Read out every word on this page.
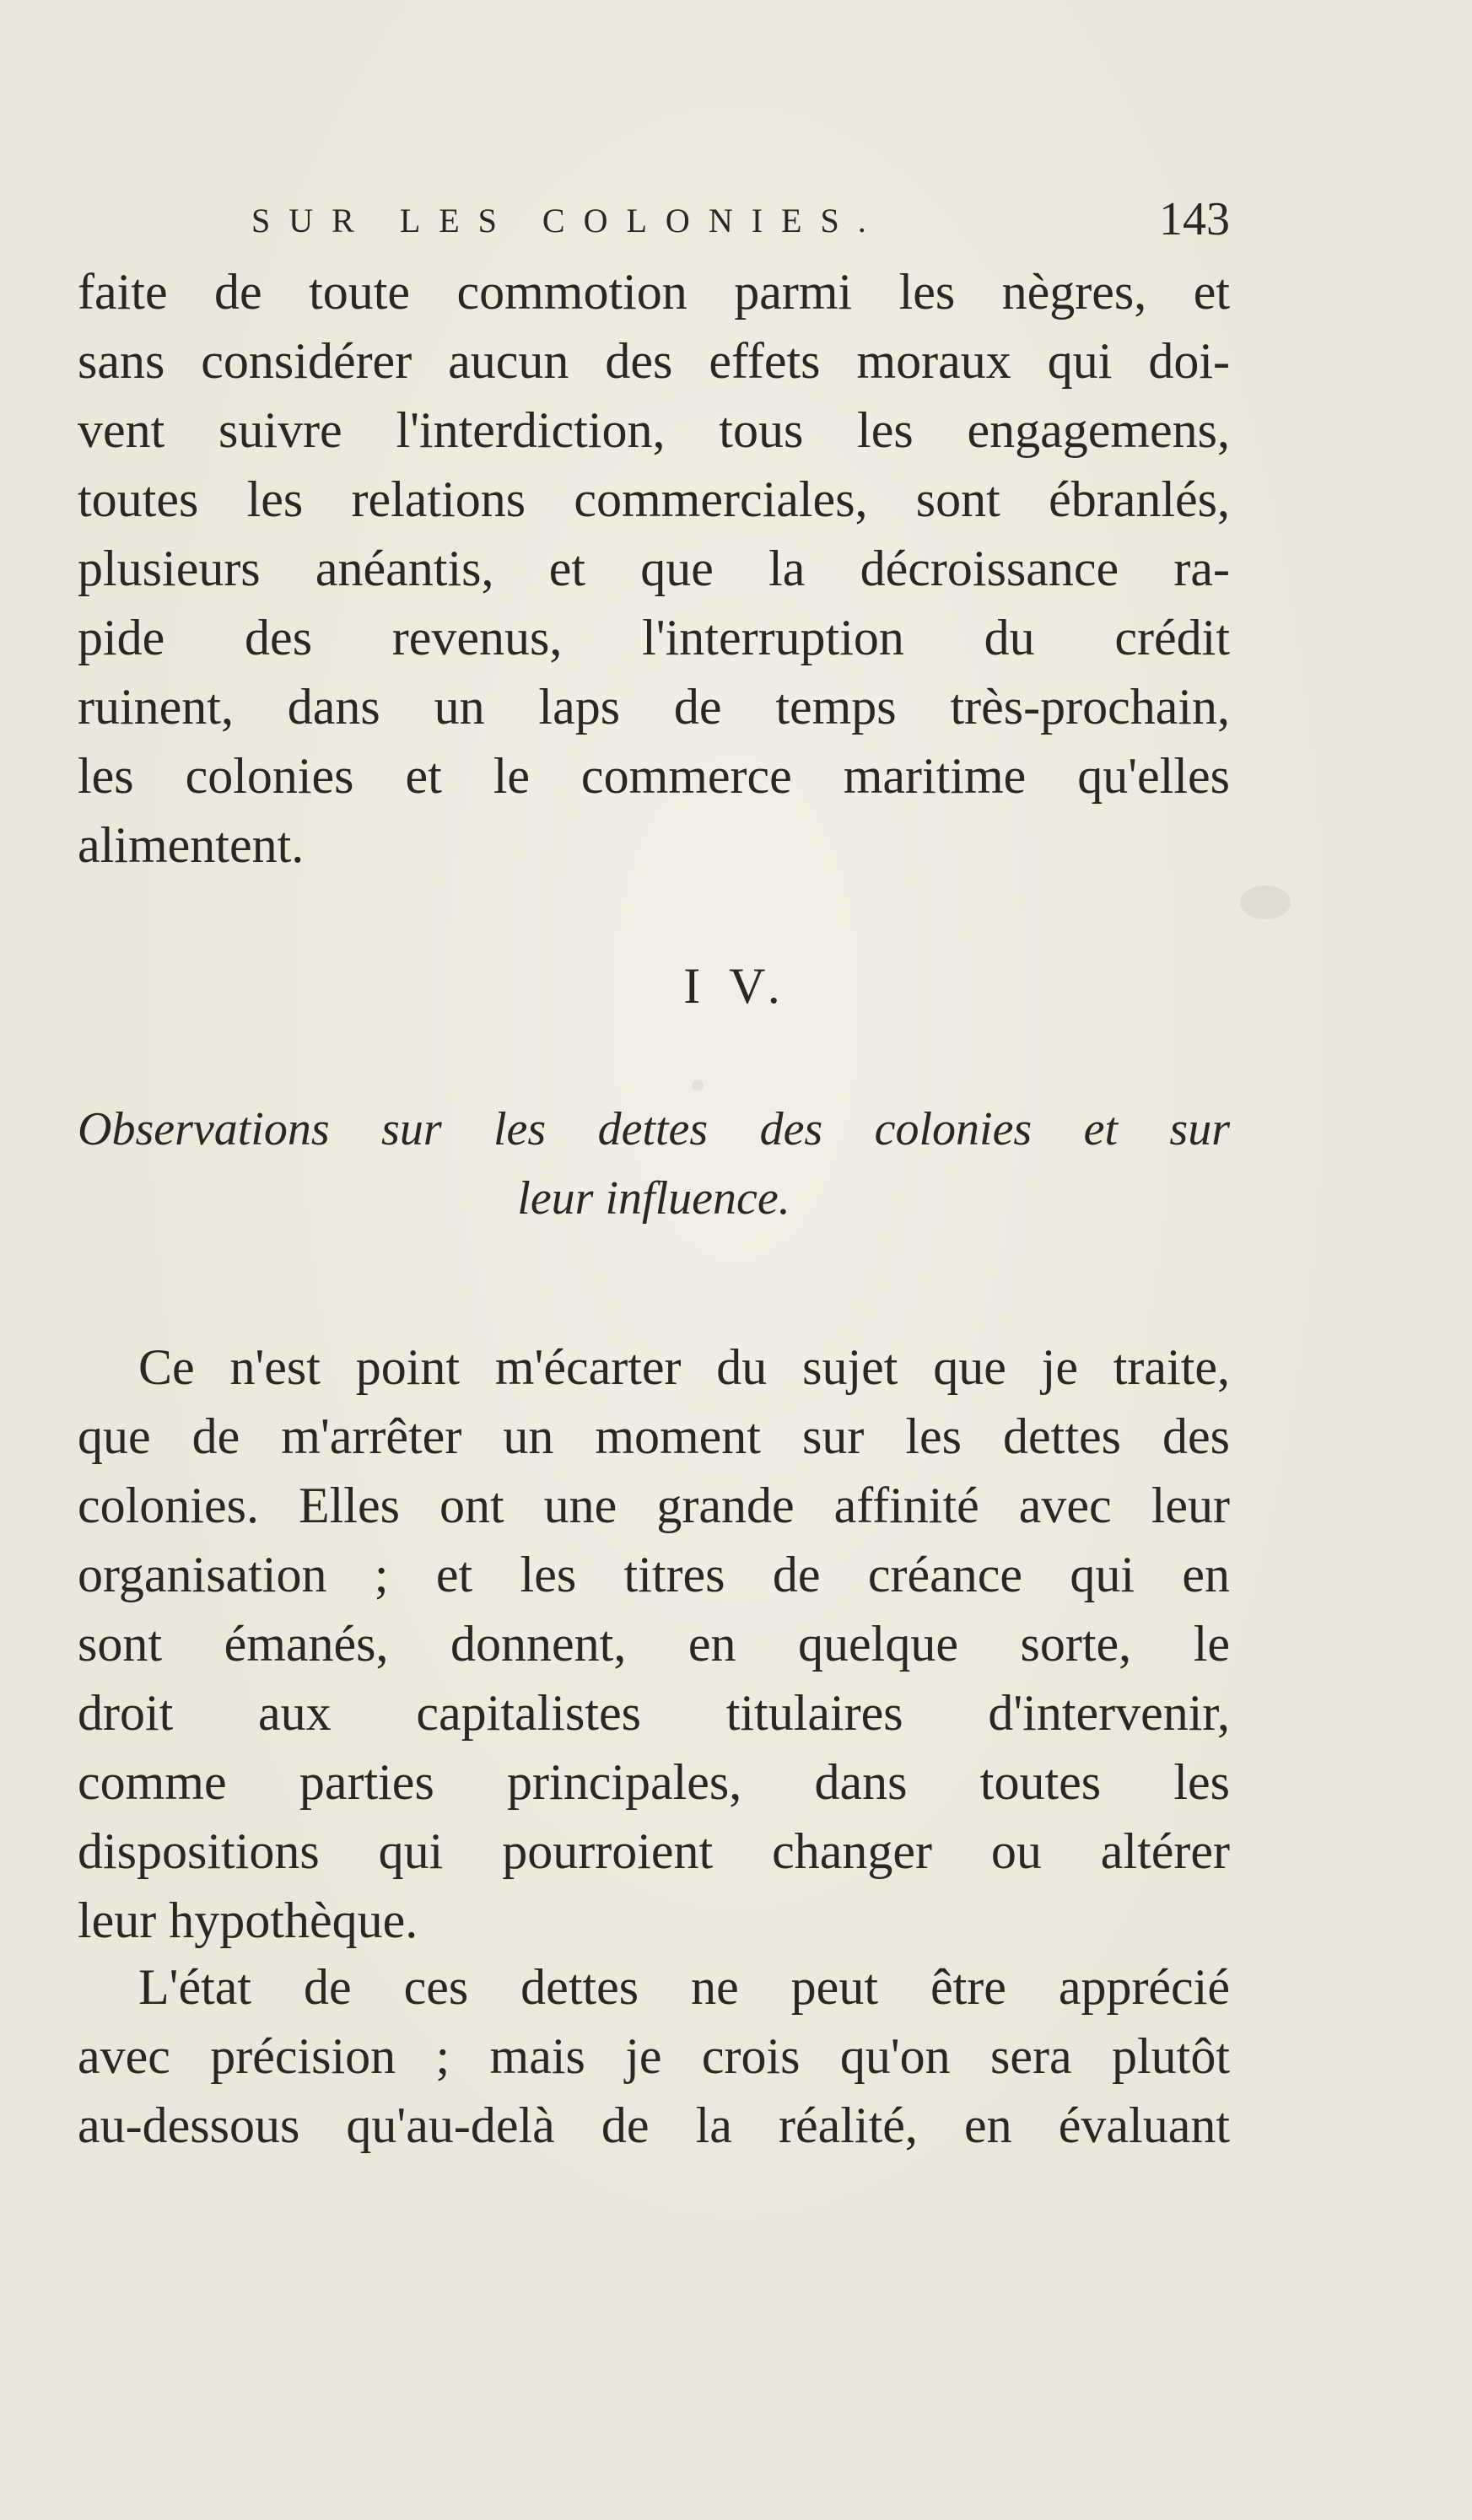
SUR LES COLONIES.	143
faite de toute commotion parmi les nègres, et
sans considérer aucun des effets moraux qui doi-
vent suivre l'interdiction, tous les engagemens,
toutes les relations commerciales, sont ébranlés,
plusieurs anéantis, et que la décroissance ra-
pide des revenus, l'interruption du crédit
ruinent, dans un laps de temps très-prochain,
les colonies et le commerce maritime qu'elles
alimentent.
I V.
Observations sur les dettes des colonies et sur
leur influence.
Ce n'est point m'écarter du sujet que je traite,
que de m'arrêter un moment sur les dettes des
colonies. Elles ont une grande affinité avec leur
organisation ; et les titres de créance qui en
sont émanés, donnent, en quelque sorte, le
droit aux capitalistes titulaires d'intervenir,
comme parties principales, dans toutes les
dispositions qui pourroient changer ou altérer
leur hypothèque.
L'état de ces dettes ne peut être apprécié
avec précision ; mais je crois qu'on sera plutôt
au-dessous qu'au-delà de la réalité, en évaluant
